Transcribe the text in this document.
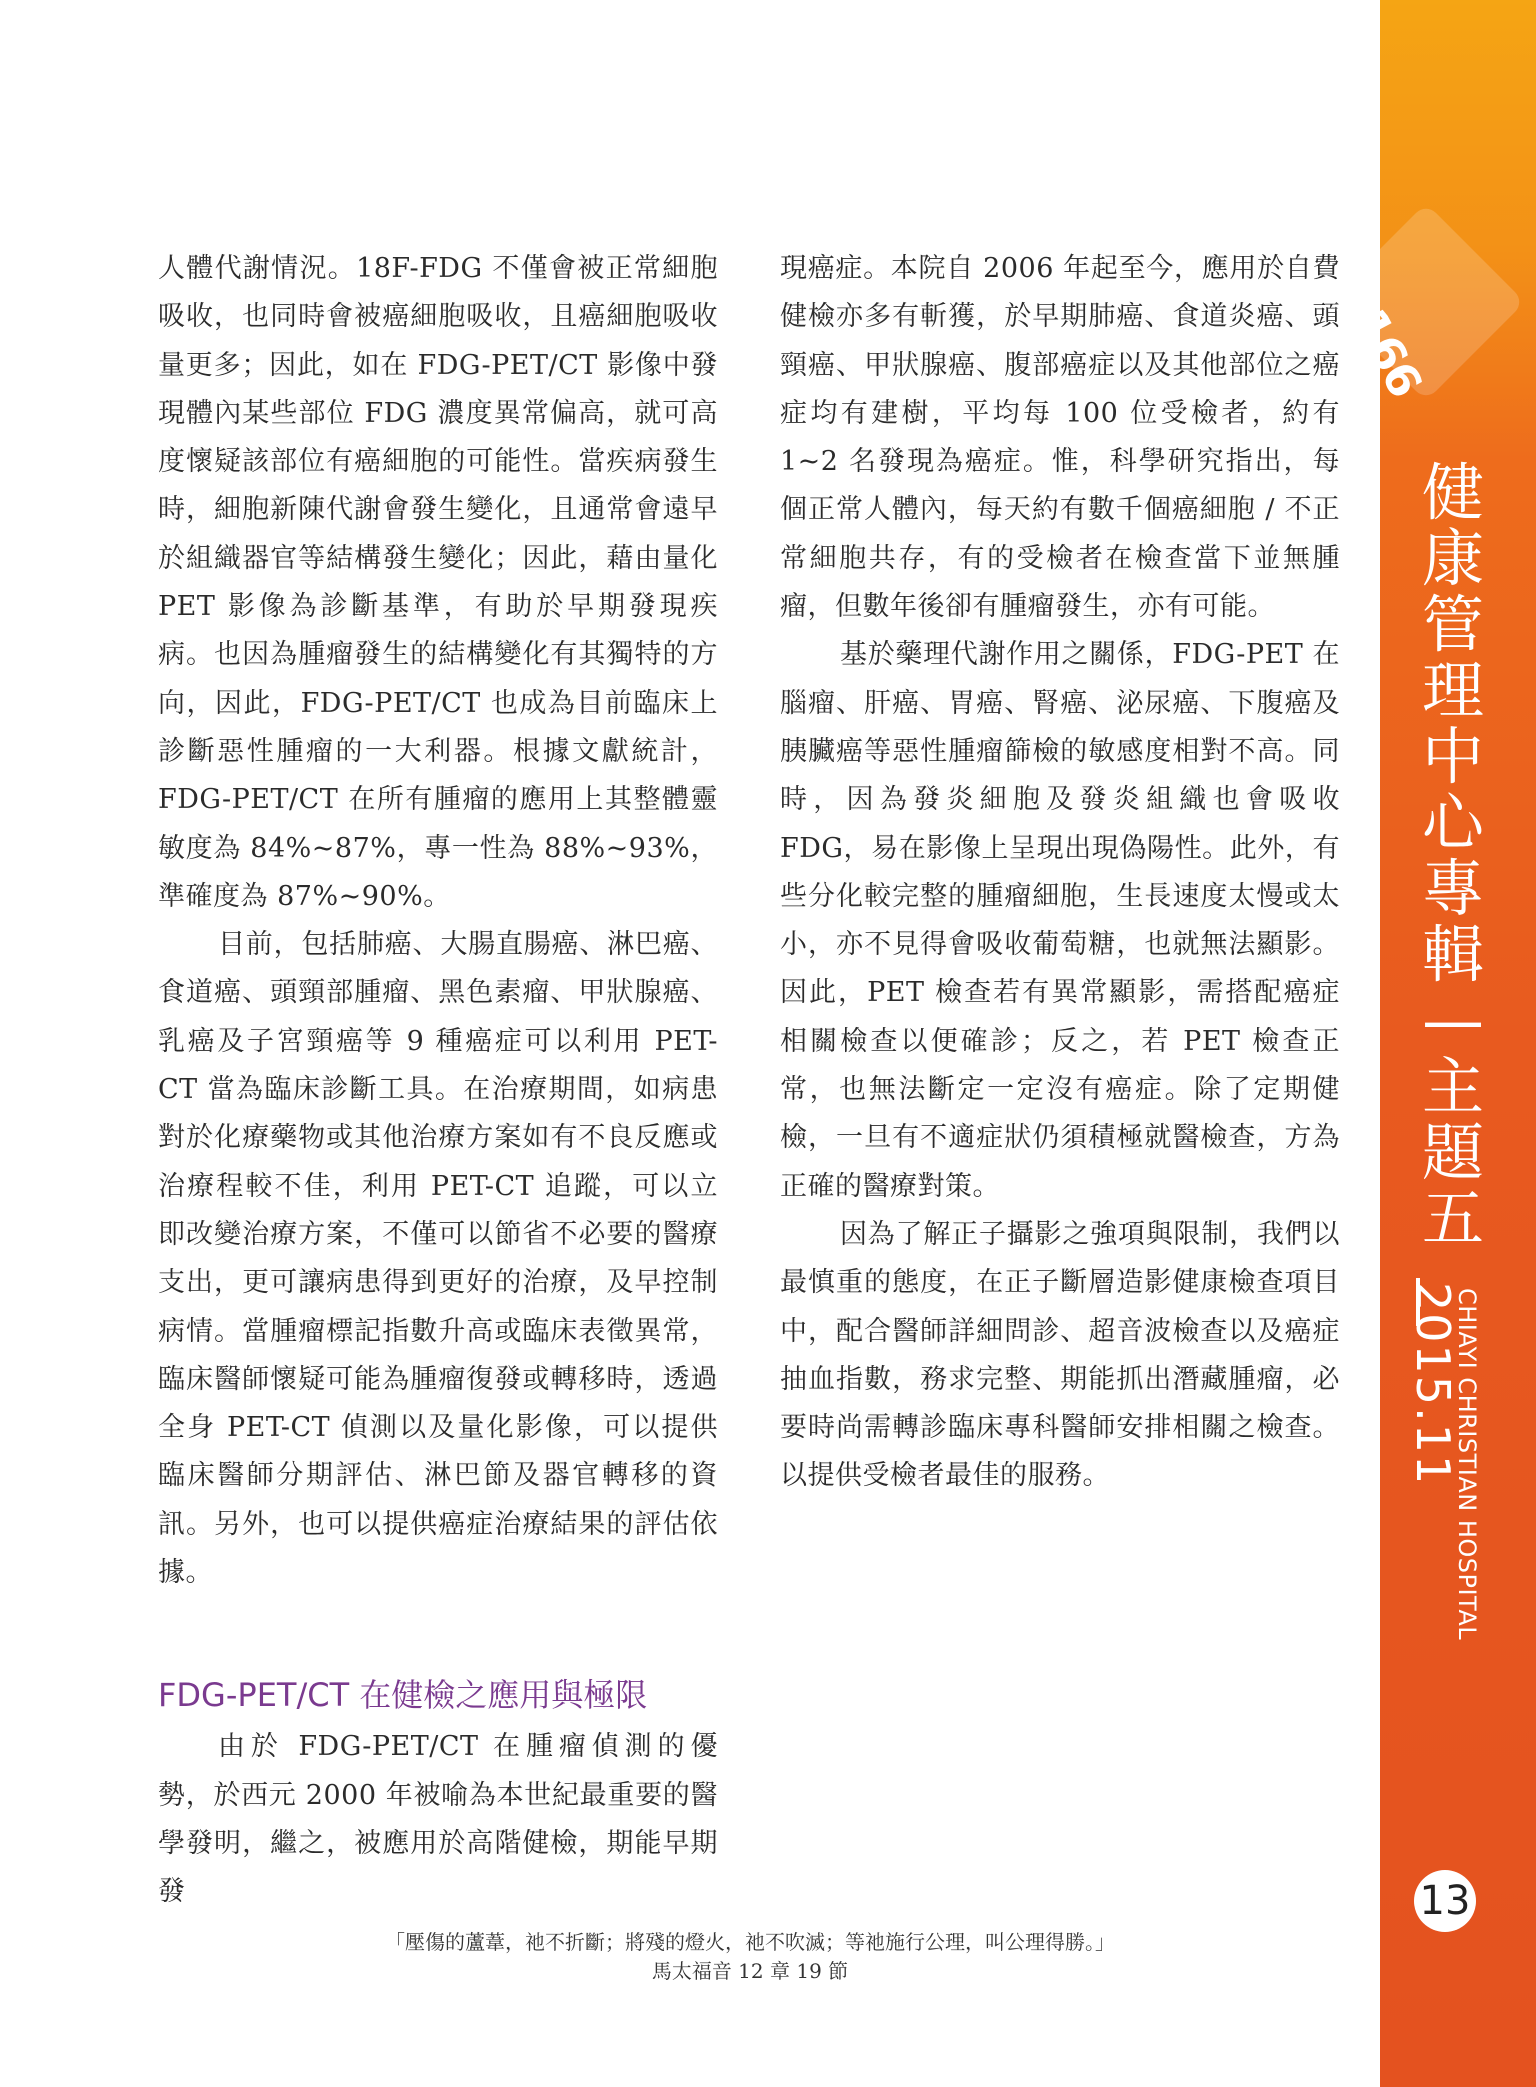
人體代謝情況。18F-FDG 不僅會被正常細胞吸收，也同時會被癌細胞吸收，且癌細胞吸收量更多；因此，如在 FDG-PET/CT 影像中發現體內某些部位 FDG 濃度異常偏高，就可高度懷疑該部位有癌細胞的可能性。當疾病發生時，細胞新陳代謝會發生變化，且通常會遠早於組織器官等結構發生變化；因此，藉由量化 PET 影像為診斷基準，有助於早期發現疾病。也因為腫瘤發生的結構變化有其獨特的方向，因此，FDG-PET/CT 也成為目前臨床上診斷惡性腫瘤的一大利器。根據文獻統計，FDG-PET/CT 在所有腫瘤的應用上其整體靈敏度為 84%~87%，專一性為 88%~93%，準確度為 87%~90%。

目前，包括肺癌、大腸直腸癌、淋巴癌、食道癌、頭頸部腫瘤、黑色素瘤、甲狀腺癌、乳癌及子宮頸癌等 9 種癌症可以利用 PET-CT 當為臨床診斷工具。在治療期間，如病患對於化療藥物或其他治療方案如有不良反應或治療程較不佳，利用 PET-CT 追蹤，可以立即改變治療方案，不僅可以節省不必要的醫療支出，更可讓病患得到更好的治療，及早控制病情。當腫瘤標記指數升高或臨床表徵異常，臨床醫師懷疑可能為腫瘤復發或轉移時，透過全身 PET-CT 偵測以及量化影像，可以提供臨床醫師分期評估、淋巴節及器官轉移的資訊。另外，也可以提供癌症治療結果的評估依據。

FDG-PET/CT 在健檢之應用與極限

由於 FDG-PET/CT 在腫瘤偵測的優勢，於西元 2000 年被喻為本世紀最重要的醫學發明，繼之，被應用於高階健檢，期能早期發

現癌症。本院自 2006 年起至今，應用於自費健檢亦多有斬獲，於早期肺癌、食道炎癌、頭頸癌、甲狀腺癌、腹部癌症以及其他部位之癌症均有建樹，平均每 100 位受檢者，約有 1~2 名發現為癌症。惟，科學研究指出，每個正常人體內，每天約有數千個癌細胞 / 不正常細胞共存，有的受檢者在檢查當下並無腫瘤，但數年後卻有腫瘤發生，亦有可能。

基於藥理代謝作用之關係，FDG-PET 在腦瘤、肝癌、胃癌、腎癌、泌尿癌、下腹癌及胰臟癌等惡性腫瘤篩檢的敏感度相對不高。同時，因為發炎細胞及發炎組織也會吸收 FDG，易在影像上呈現出現偽陽性。此外，有些分化較完整的腫瘤細胞，生長速度太慢或太小，亦不見得會吸收葡萄糖，也就無法顯影。因此，PET 檢查若有異常顯影，需搭配癌症相關檢查以便確診；反之，若 PET 檢查正常，也無法斷定一定沒有癌症。除了定期健檢，一旦有不適症狀仍須積極就醫檢查，方為正確的醫療對策。

因為了解正子攝影之強項與限制，我們以最慎重的態度，在正子斷層造影健康檢查項目中，配合醫師詳細問診、超音波檢查以及癌症抽血指數，務求完整、期能抓出潛藏腫瘤，必要時尚需轉診臨床專科醫師安排相關之檢查。以提供受檢者最佳的服務。

「壓傷的蘆葦，祂不折斷；將殘的燈火，祂不吹滅；等祂施行公理，叫公理得勝。」
馬太福音 12 章 19 節
166
健康管理中心專輯—主題五
2015.11
CHIAYI CHRISTIAN HOSPITAL
13
